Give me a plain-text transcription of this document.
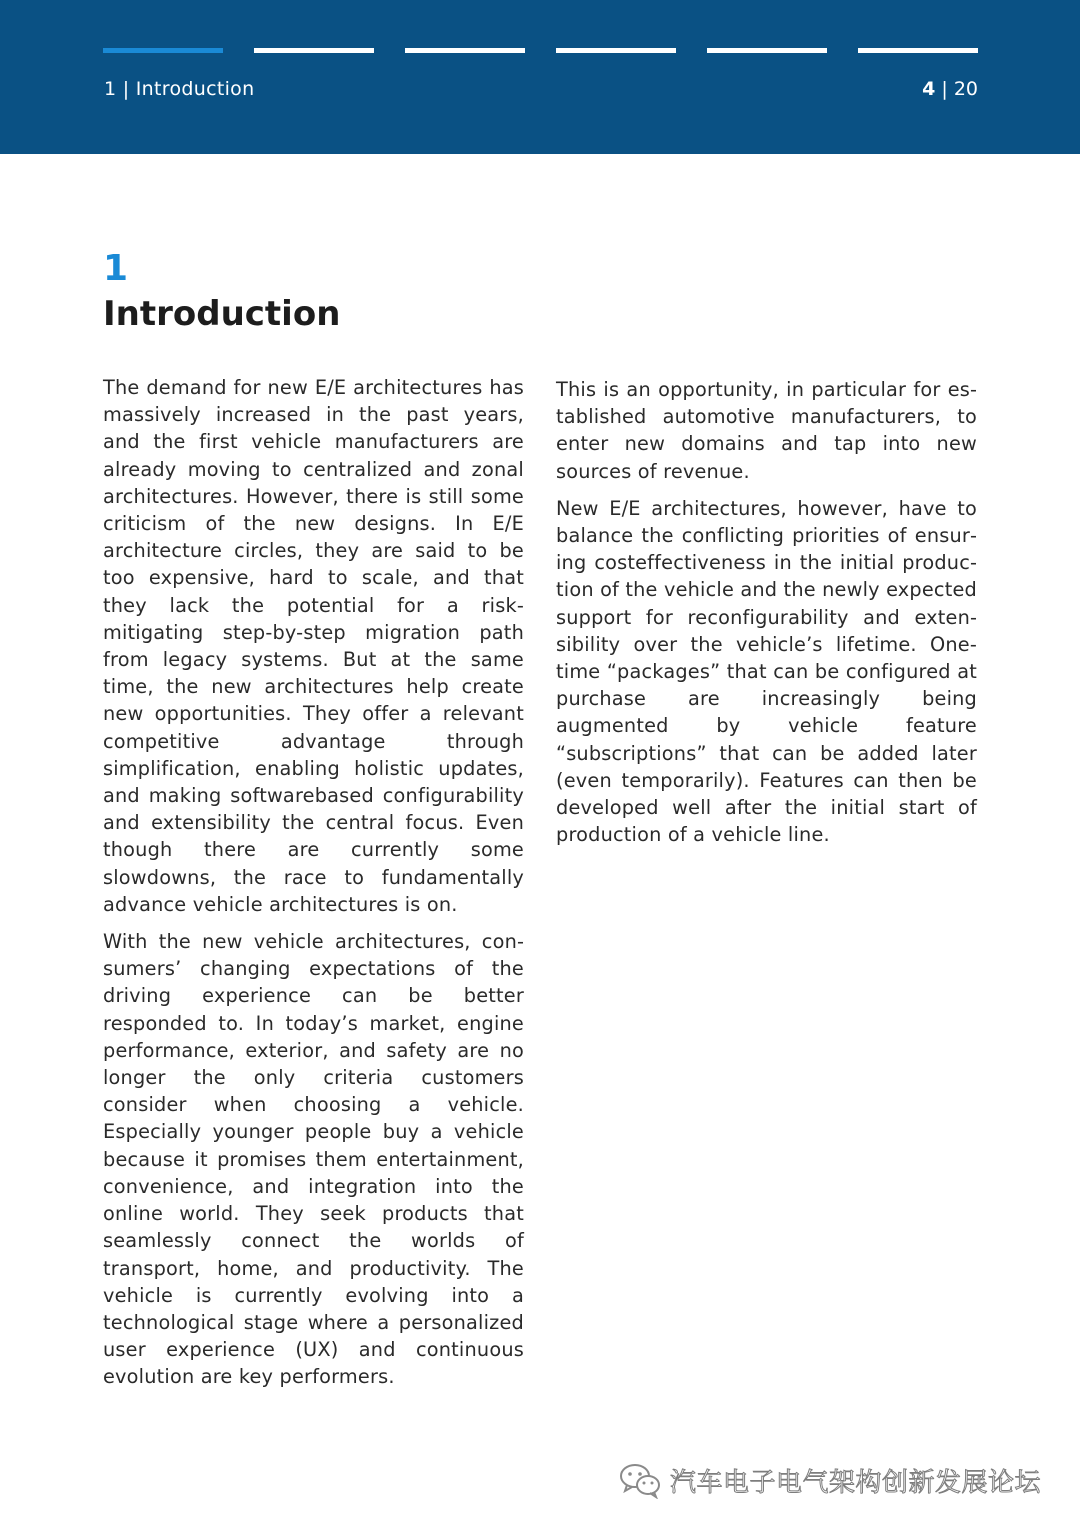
1 | Introduction	4 | 20
1
Introduction

The demand for new E/E architectures has massively increased in the past years, and the first vehicle manufacturers are already moving to centralized and zonal architectures. However, there is still some criticism of the new designs. In E/E architecture circles, they are said to be too expensive, hard to scale, and that they lack the potential for a risk-mitigating step-by-step migration path from legacy systems. But at the same time, the new architectures help create new opportunities. They offer a relevant competitive advantage through simplification, enabling holistic updates, and making softwarebased configurability and extensibility the central focus. Even though there are currently some slowdowns, the race to fundamentally advance vehicle architectures is on.

With the new vehicle architectures, consumers’ changing expectations of the driving experience can be better responded to. In today’s market, engine performance, exterior, and safety are no longer the only criteria customers consider when choosing a vehicle. Especially younger people buy a vehicle because it promises them entertainment, convenience, and integration into the online world. They seek products that seamlessly connect the worlds of transport, home, and productivity. The vehicle is currently evolving into a technological stage where a personalized user experience (UX) and continuous evolution are key performers.

This is an opportunity, in particular for established automotive manufacturers, to enter new domains and tap into new sources of revenue.

New E/E architectures, however, have to balance the conflicting priorities of ensuring costeffectiveness in the initial production of the vehicle and the newly expected support for reconfigurability and extensibility over the vehicle’s lifetime. One-time “packages” that can be configured at purchase are increasingly being augmented by vehicle feature “subscriptions” that can be added later (even temporarily). Features can then be developed well after the initial start of production of a vehicle line.

汽车电子电气架构创新发展论坛
